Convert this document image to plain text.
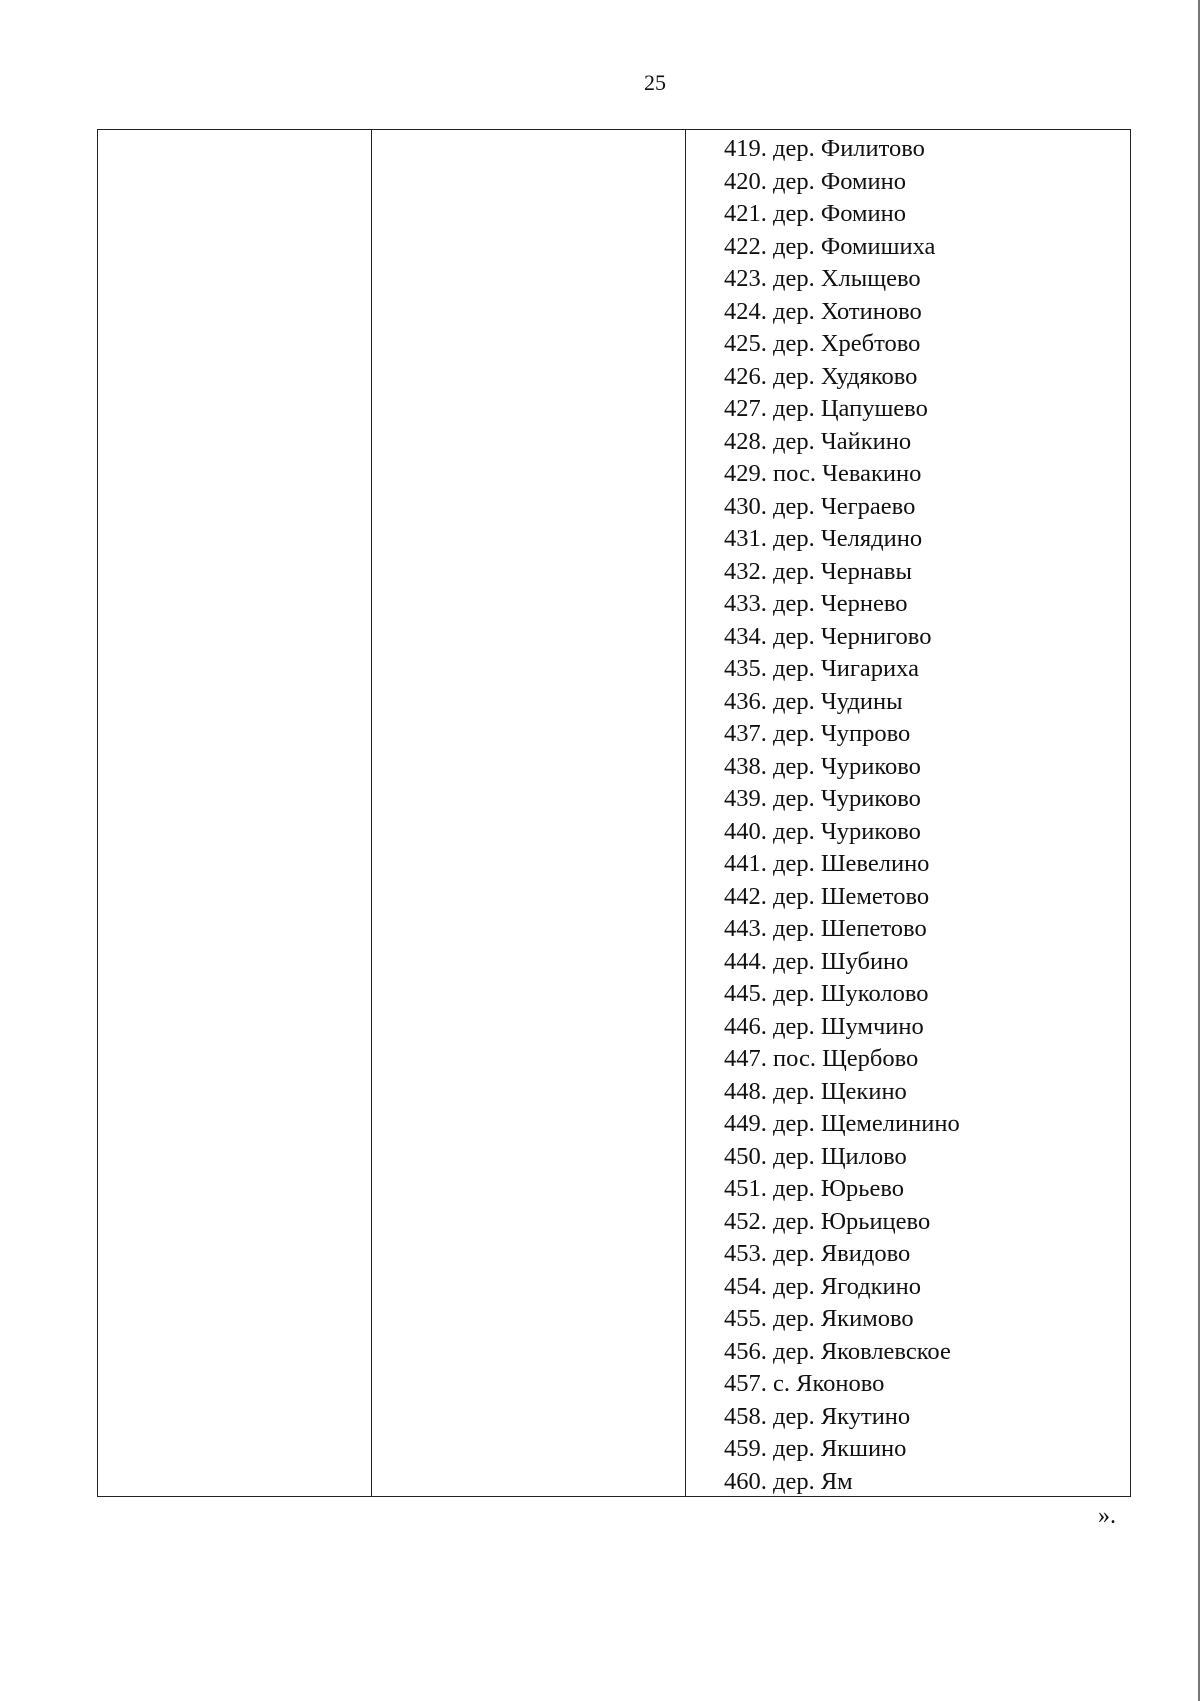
25
419. дер. Филитово
420. дер. Фомино
421. дер. Фомино
422. дер. Фомишиха
423. дер. Хлыщево
424. дер. Хотиново
425. дер. Хребтово
426. дер. Худяково
427. дер. Цапушево
428. дер. Чайкино
429. пос. Чевакино
430. дер. Чеграево
431. дер. Челядино
432. дер. Чернавы
433. дер. Чернево
434. дер. Чернигово
435. дер. Чигариха
436. дер. Чудины
437. дер. Чупрово
438. дер. Чуриково
439. дер. Чуриково
440. дер. Чуриково
441. дер. Шевелино
442. дер. Шеметово
443. дер. Шепетово
444. дер. Шубино
445. дер. Шуколово
446. дер. Шумчино
447. пос. Щербово
448. дер. Щекино
449. дер. Щемелинино
450. дер. Щилово
451. дер. Юрьево
452. дер. Юрьицево
453. дер. Явидово
454. дер. Ягодкино
455. дер. Якимово
456. дер. Яковлевское
457. с. Яконово
458. дер. Якутино
459. дер. Якшино
460. дер. Ям
».
